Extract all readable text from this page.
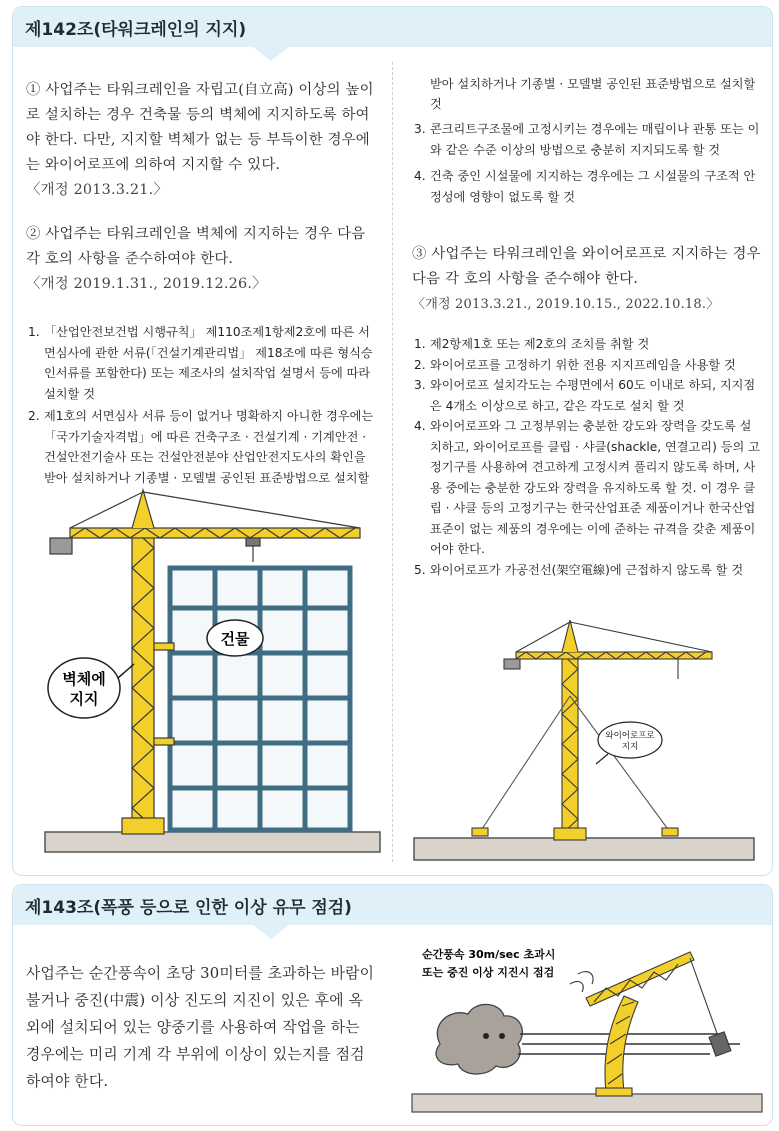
제142조(타워크레인의 지지)
① 사업주는 타워크레인을 자립고(自立高) 이상의 높이로 설치하는 경우 건축물 등의 벽체에 지지하도록 하여야 한다. 다만, 지지할 벽체가 없는 등 부득이한 경우에는 와이어로프에 의하여 지지할 수 있다.
〈개정 2013.3.21.〉
② 사업주는 타워크레인을 벽체에 지지하는 경우 다음 각 호의 사항을 준수하여야 한다.
〈개정 2019.1.31., 2019.12.26.〉
1. 「산업안전보건법 시행규칙」 제110조제1항제2호에 따른 서면심사에 관한 서류(「건설기계관리법」 제18조에 따른 형식승인서류를 포함한다) 또는 제조사의 설치작업 설명서 등에 따라 설치할 것
2. 제1호의 서면심사 서류 등이 없거나 명확하지 아니한 경우에는 「국가기술자격법」에 따른 건축구조 · 건설기계 · 기계안전 · 건설안전기술사 또는 건설안전분야 산업안전지도사의 확인을 받아 설치하거나 기종별 · 모델별 공인된 표준방법으로 설치할
받아 설치하거나 기종별 · 모델별 공인된 표준방법으로 설치할 것
3. 콘크리트구조물에 고정시키는 경우에는 매립이나 관통 또는 이와 같은 수준 이상의 방법으로 충분히 지지되도록 할 것
4. 건축 중인 시설물에 지지하는 경우에는 그 시설물의 구조적 안정성에 영향이 없도록 할 것
③ 사업주는 타워크레인을 와이어로프로 지지하는 경우 다음 각 호의 사항을 준수해야 한다.
〈개정 2013.3.21., 2019.10.15., 2022.10.18.〉
1. 제2항제1호 또는 제2호의 조치를 취할 것
2. 와이어로프를 고정하기 위한 전용 지지프레임을 사용할 것
3. 와이어로프 설치각도는 수평면에서 60도 이내로 하되, 지지점은 4개소 이상으로 하고, 같은 각도로 설치 할 것
4. 와이어로프와 그 고정부위는 충분한 강도와 장력을 갖도록 설치하고, 와이어로프를 클립 · 샤클(shackle, 연결고리) 등의 고정기구를 사용하여 견고하게 고정시켜 풀리지 않도록 하며, 사용 중에는 충분한 강도와 장력을 유지하도록 할 것. 이 경우 클립 · 샤클 등의 고정기구는 한국산업표준 제품이거나 한국산업표준이 없는 제품의 경우에는 이에 준하는 규격을 갖춘 제품이어야 한다.
5. 와이어로프가 가공전선(架空電線)에 근접하지 않도록 할 것
건물
벽체에
지지
와이어로프로
지지
제143조(폭풍 등으로 인한 이상 유무 점검)
사업주는 순간풍속이 초당 30미터를 초과하는 바람이 불거나 중진(中震) 이상 진도의 지진이 있은 후에 옥외에 설치되어 있는 양중기를 사용하여 작업을 하는 경우에는 미리 기계 각 부위에 이상이 있는지를 점검하여야 한다.
순간풍속 30m/sec 초과시
또는 중진 이상 지진시 점검
